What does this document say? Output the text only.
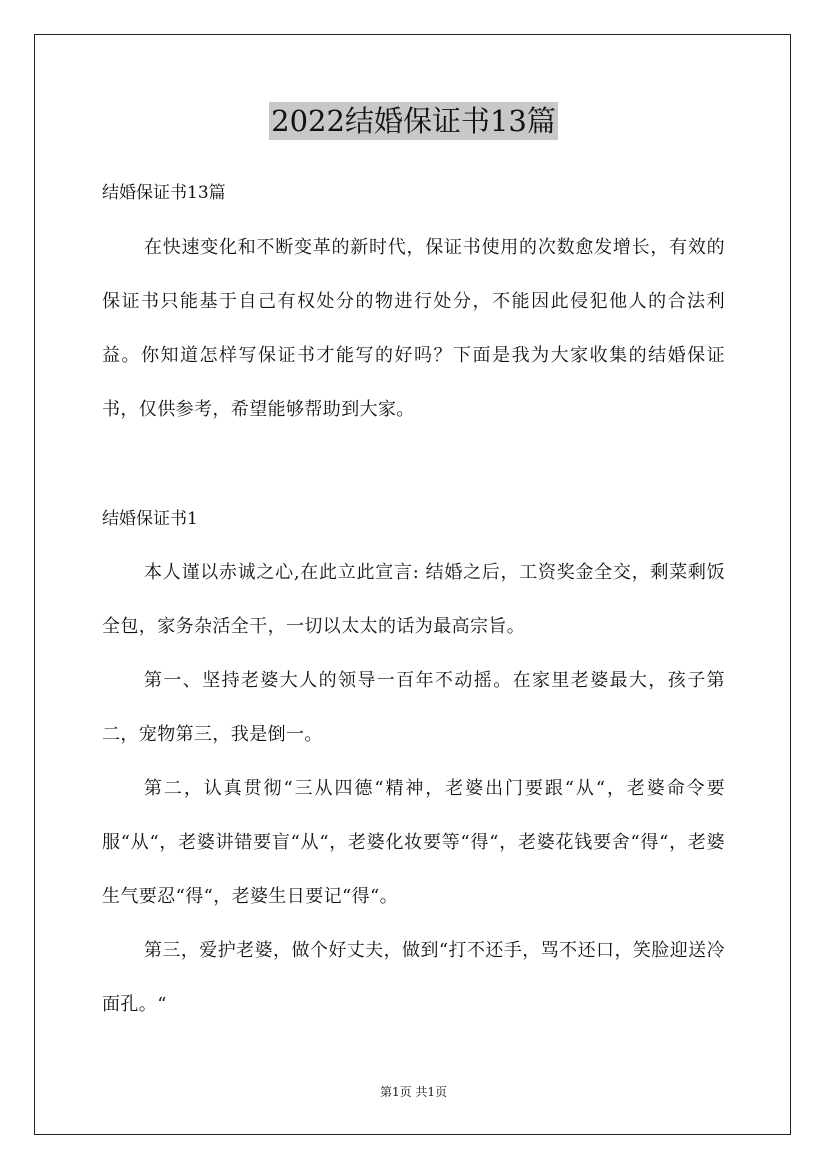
2022结婚保证书13篇
结婚保证书13篇

在快速变化和不断变革的新时代，保证书使用的次数愈发增长，有效的保证书只能基于自己有权处分的物进行处分，不能因此侵犯他人的合法利益。你知道怎样写保证书才能写的好吗？下面是我为大家收集的结婚保证书，仅供参考，希望能够帮助到大家。

结婚保证书1

本人谨以赤诚之心,在此立此宣言: 结婚之后，工资奖金全交，剩菜剩饭全包，家务杂活全干，一切以太太的话为最高宗旨。

第一、坚持老婆大人的领导一百年不动摇。在家里老婆最大，孩子第二，宠物第三，我是倒一。

第二，认真贯彻“三从四德“精神，老婆出门要跟“从“，老婆命令要服“从“，老婆讲错要盲“从“，老婆化妆要等“得“，老婆花钱要舍“得“，老婆生气要忍“得“，老婆生日要记“得“。

第三，爱护老婆，做个好丈夫，做到“打不还手，骂不还口，笑脸迎送冷面孔。“

第1页 共1页
